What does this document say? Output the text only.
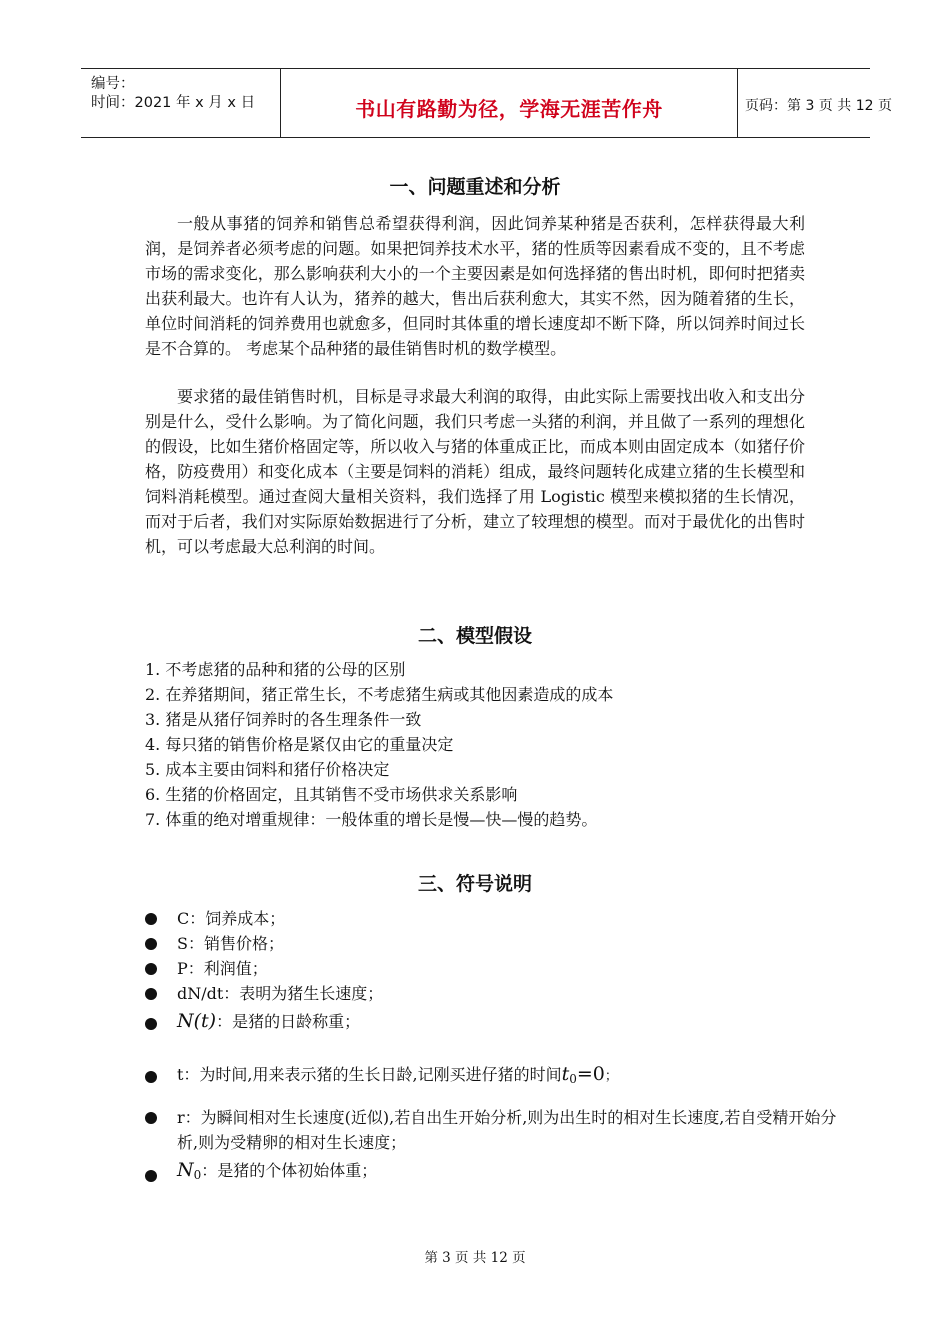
编号：
时间：2021 年 x 月 x 日	书山有路勤为径，学海无涯苦作舟	页码：第 3 页 共 12 页
一、问题重述和分析

一般从事猪的饲养和销售总希望获得利润，因此饲养某种猪是否获利，怎样获得最大利润，是饲养者必须考虑的问题。如果把饲养技术水平，猪的性质等因素看成不变的，且不考虑市场的需求变化，那么影响获利大小的一个主要因素是如何选择猪的售出时机，即何时把猪卖出获利最大。也许有人认为，猪养的越大，售出后获利愈大，其实不然，因为随着猪的生长，单位时间消耗的饲养费用也就愈多，但同时其体重的增长速度却不断下降，所以饲养时间过长是不合算的。 考虑某个品种猪的最佳销售时机的数学模型。

要求猪的最佳销售时机，目标是寻求最大利润的取得，由此实际上需要找出收入和支出分别是什么，受什么影响。为了简化问题，我们只考虑一头猪的利润，并且做了一系列的理想化的假设，比如生猪价格固定等，所以收入与猪的体重成正比，而成本则由固定成本（如猪仔价格，防疫费用）和变化成本（主要是饲料的消耗）组成，最终问题转化成建立猪的生长模型和饲料消耗模型。通过查阅大量相关资料，我们选择了用 Logistic 模型来模拟猪的生长情况，而对于后者，我们对实际原始数据进行了分析，建立了较理想的模型。而对于最优化的出售时机，可以考虑最大总利润的时间。

二、模型假设
1. 不考虑猪的品种和猪的公母的区别
2. 在养猪期间，猪正常生长，不考虑猪生病或其他因素造成的成本
3. 猪是从猪仔饲养时的各生理条件一致
4. 每只猪的销售价格是紧仅由它的重量决定
5. 成本主要由饲料和猪仔价格决定
6. 生猪的价格固定，且其销售不受市场供求关系影响
7. 体重的绝对增重规律：一般体重的增长是慢—快—慢的趋势。
三、符号说明
C：饲养成本；
S：销售价格；
P：利润值；
dN/dt：表明为猪生长速度；
N(t)：是猪的日龄称重；
t：为时间,用来表示猪的生长日龄,记刚买进仔猪的时间$t_0=0$；
r：为瞬间相对生长速度(近似),若自出生开始分析,则为出生时的相对生长速度,若自受精开始分析,则为受精卵的相对生长速度；
$N_0$：是猪的个体初始体重；
第 3 页 共 12 页
